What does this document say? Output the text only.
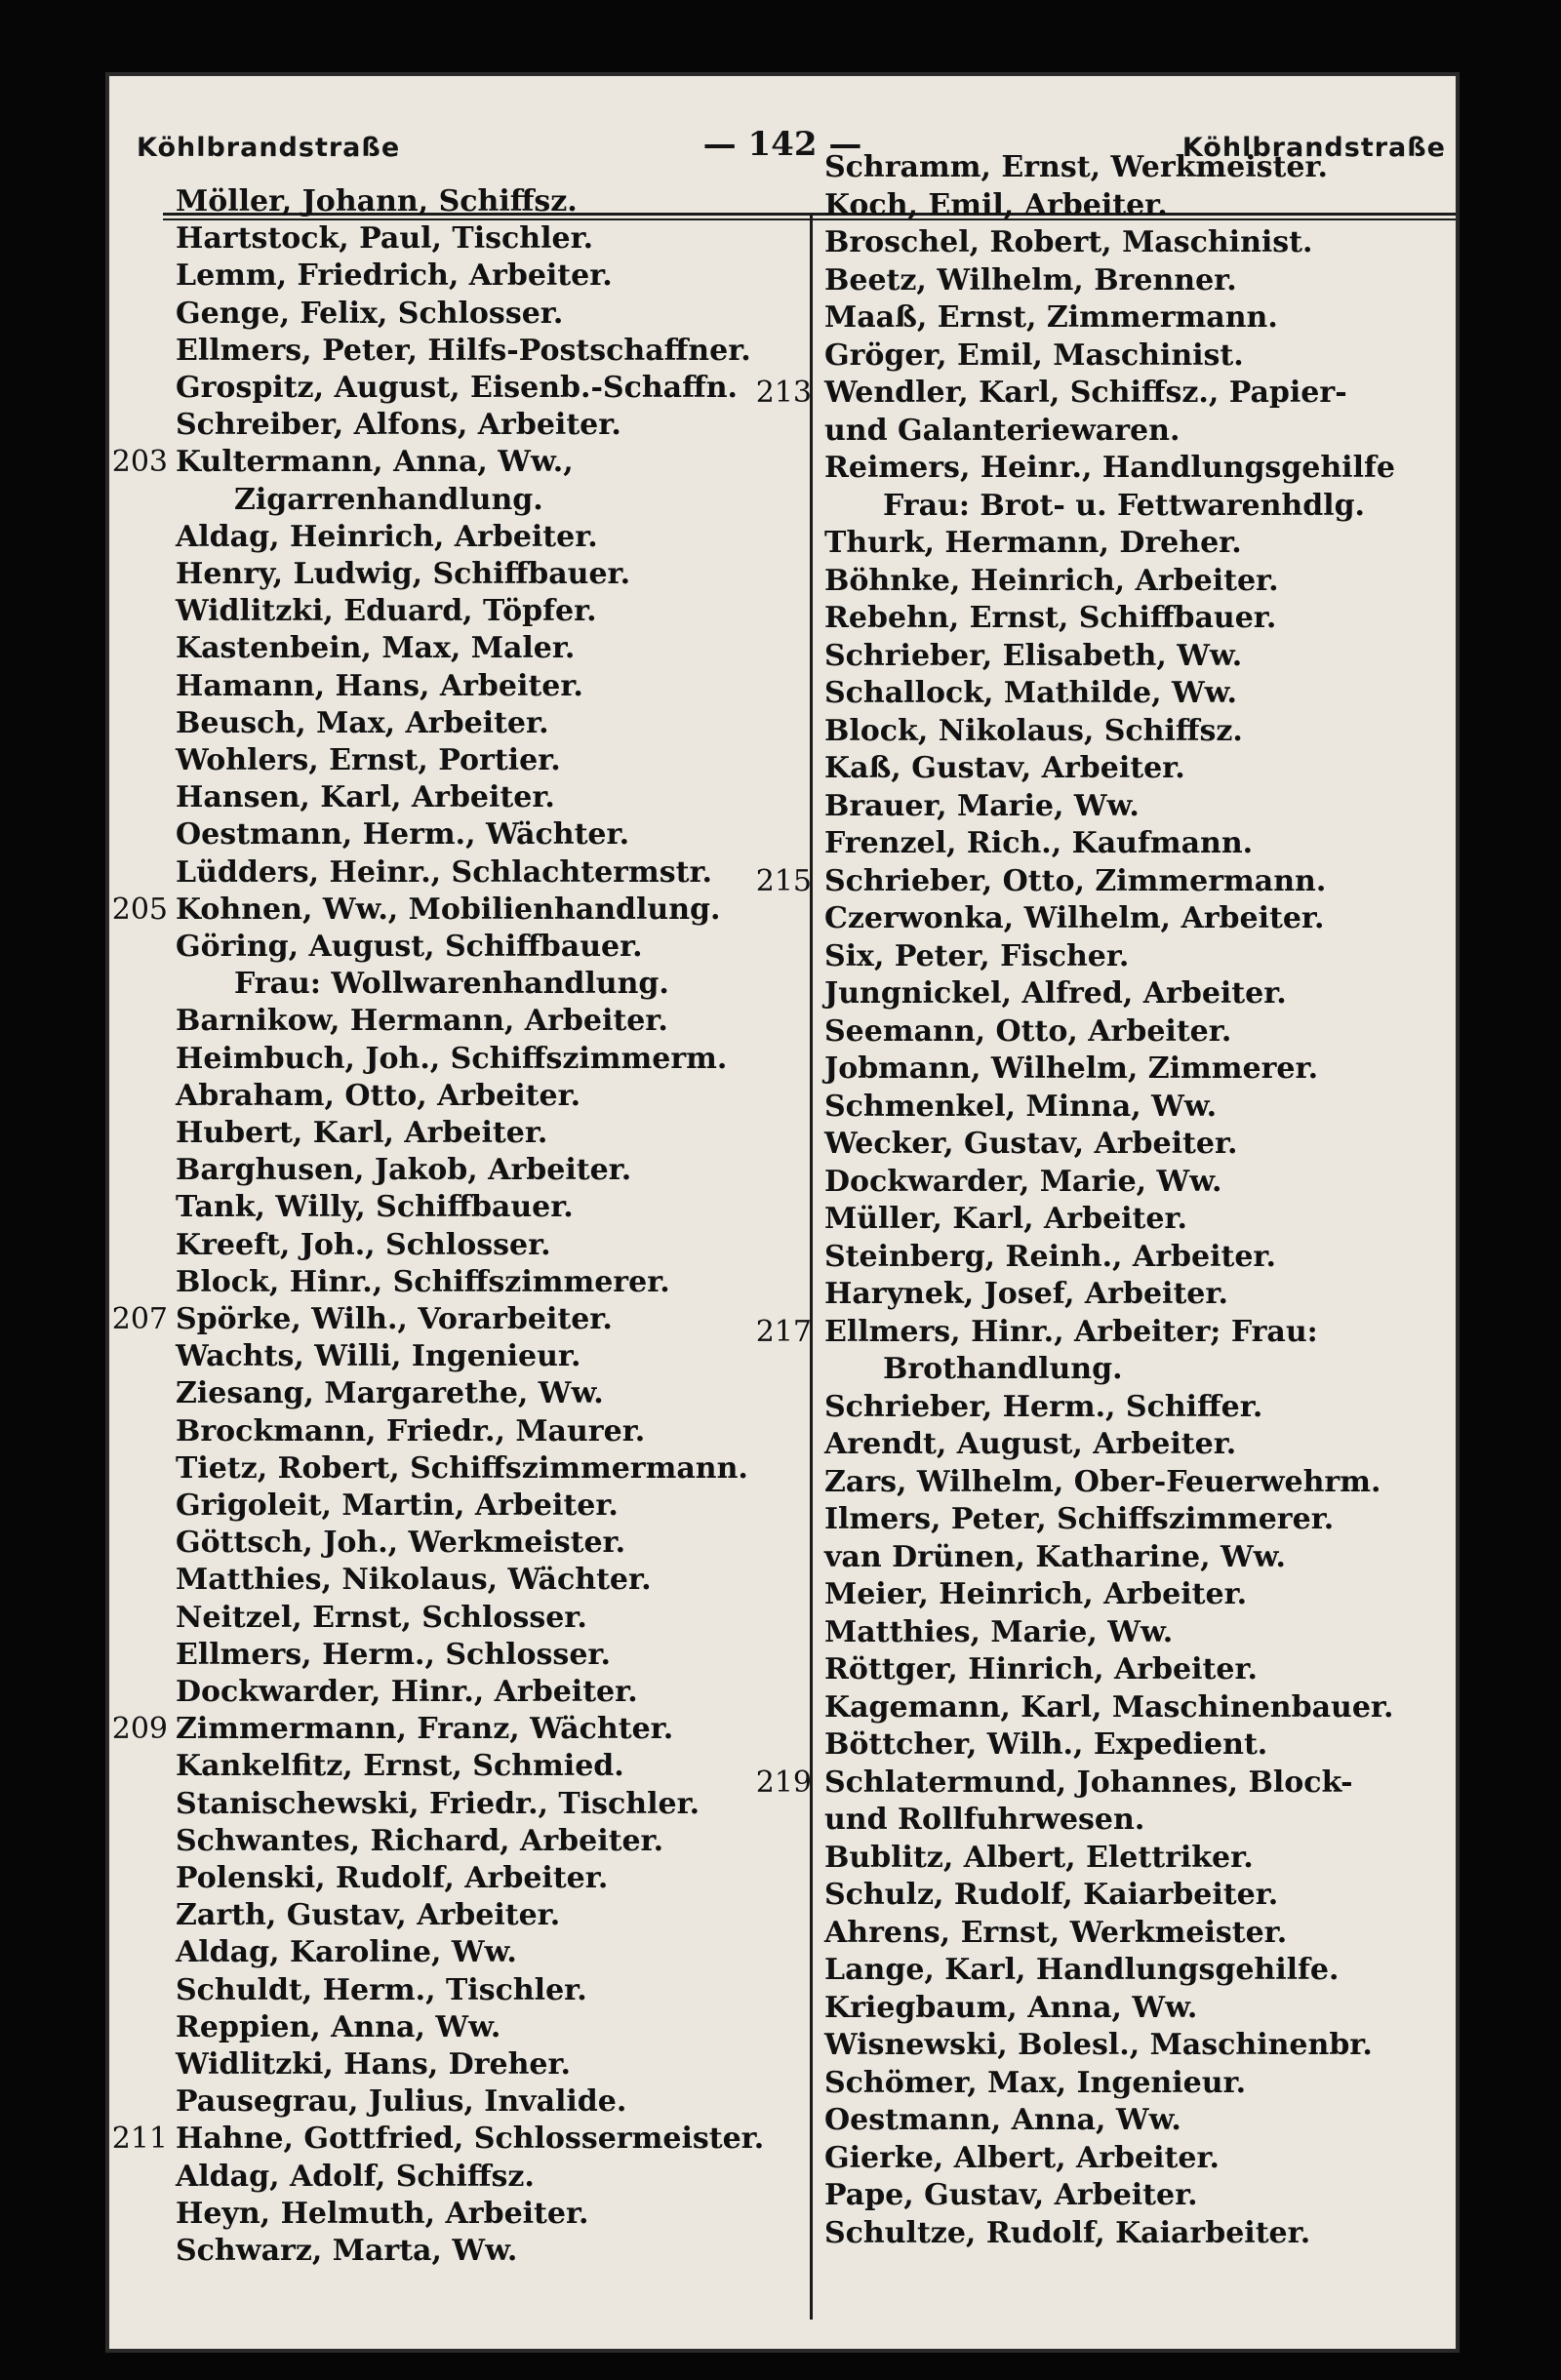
Köhlbrandstraße	— 142 —	Köhlbrandstraße
Möller, Johann, Schiffsz.
Hartstock, Paul, Tischler.
Lemm, Friedrich, Arbeiter.
Genge, Felix, Schlosser.
Ellmers, Peter, Hilfs-Postschaffner.
Grospitz, August, Eisenb.-Schaffn.
Schreiber, Alfons, Arbeiter.
203 Kultermann, Anna, Ww.,
Zigarrenhandlung.
Aldag, Heinrich, Arbeiter.
Henry, Ludwig, Schiffbauer.
Widlitzki, Eduard, Töpfer.
Kastenbein, Max, Maler.
Hamann, Hans, Arbeiter.
Beusch, Max, Arbeiter.
Wohlers, Ernst, Portier.
Hansen, Karl, Arbeiter.
Oestmann, Herm., Wächter.
Lüdders, Heinr., Schlachtermstr.
205 Kohnen, Ww., Mobilienhandlung.
Göring, August, Schiffbauer.
Frau: Wollwarenhandlung.
Barnikow, Hermann, Arbeiter.
Heimbuch, Joh., Schiffszimmerm.
Abraham, Otto, Arbeiter.
Hubert, Karl, Arbeiter.
Barghusen, Jakob, Arbeiter.
Tank, Willy, Schiffbauer.
Kreeft, Joh., Schlosser.
Block, Hinr., Schiffszimmerer.
207 Spörke, Wilh., Vorarbeiter.
Wachts, Willi, Ingenieur.
Ziesang, Margarethe, Ww.
Brockmann, Friedr., Maurer.
Tietz, Robert, Schiffszimmermann.
Grigoleit, Martin, Arbeiter.
Göttsch, Joh., Werkmeister.
Matthies, Nikolaus, Wächter.
Neitzel, Ernst, Schlosser.
Ellmers, Herm., Schlosser.
Dockwarder, Hinr., Arbeiter.
209 Zimmermann, Franz, Wächter.
Kankelfitz, Ernst, Schmied.
Stanischewski, Friedr., Tischler.
Schwantes, Richard, Arbeiter.
Polenski, Rudolf, Arbeiter.
Zarth, Gustav, Arbeiter.
Aldag, Karoline, Ww.
Schuldt, Herm., Tischler.
Reppien, Anna, Ww.
Widlitzki, Hans, Dreher.
Pausegrau, Julius, Invalide.
211 Hahne, Gottfried, Schlossermeister.
Aldag, Adolf, Schiffsz.
Heyn, Helmuth, Arbeiter.
Schwarz, Marta, Ww.
Schramm, Ernst, Werkmeister.
Koch, Emil, Arbeiter.
Broschel, Robert, Maschinist.
Beetz, Wilhelm, Brenner.
Maaß, Ernst, Zimmermann.
Gröger, Emil, Maschinist.
213 Wendler, Karl, Schiffsz., Papier-
und Galanteriewaren.
Reimers, Heinr., Handlungsgehilfe
Frau: Brot- u. Fettwarenhdlg.
Thurk, Hermann, Dreher.
Böhnke, Heinrich, Arbeiter.
Rebehn, Ernst, Schiffbauer.
Schrieber, Elisabeth, Ww.
Schallock, Mathilde, Ww.
Block, Nikolaus, Schiffsz.
Kaß, Gustav, Arbeiter.
Brauer, Marie, Ww.
Frenzel, Rich., Kaufmann.
215 Schrieber, Otto, Zimmermann.
Czerwonka, Wilhelm, Arbeiter.
Six, Peter, Fischer.
Jungnickel, Alfred, Arbeiter.
Seemann, Otto, Arbeiter.
Jobmann, Wilhelm, Zimmerer.
Schmenkel, Minna, Ww.
Wecker, Gustav, Arbeiter.
Dockwarder, Marie, Ww.
Müller, Karl, Arbeiter.
Steinberg, Reinh., Arbeiter.
Harynek, Josef, Arbeiter.
217 Ellmers, Hinr., Arbeiter; Frau:
Brothandlung.
Schrieber, Herm., Schiffer.
Arendt, August, Arbeiter.
Zars, Wilhelm, Ober-Feuerwehrm.
Ilmers, Peter, Schiffszimmerer.
van Drünen, Katharine, Ww.
Meier, Heinrich, Arbeiter.
Matthies, Marie, Ww.
Röttger, Hinrich, Arbeiter.
Kagemann, Karl, Maschinenbauer.
Böttcher, Wilh., Expedient.
219 Schlatermund, Johannes, Block-
und Rollfuhrwesen.
Bublitz, Albert, Elettriker.
Schulz, Rudolf, Kaiarbeiter.
Ahrens, Ernst, Werkmeister.
Lange, Karl, Handlungsgehilfe.
Kriegbaum, Anna, Ww.
Wisnewski, Bolesl., Maschinenbr.
Schömer, Max, Ingenieur.
Oestmann, Anna, Ww.
Gierke, Albert, Arbeiter.
Pape, Gustav, Arbeiter.
Schultze, Rudolf, Kaiarbeiter.
